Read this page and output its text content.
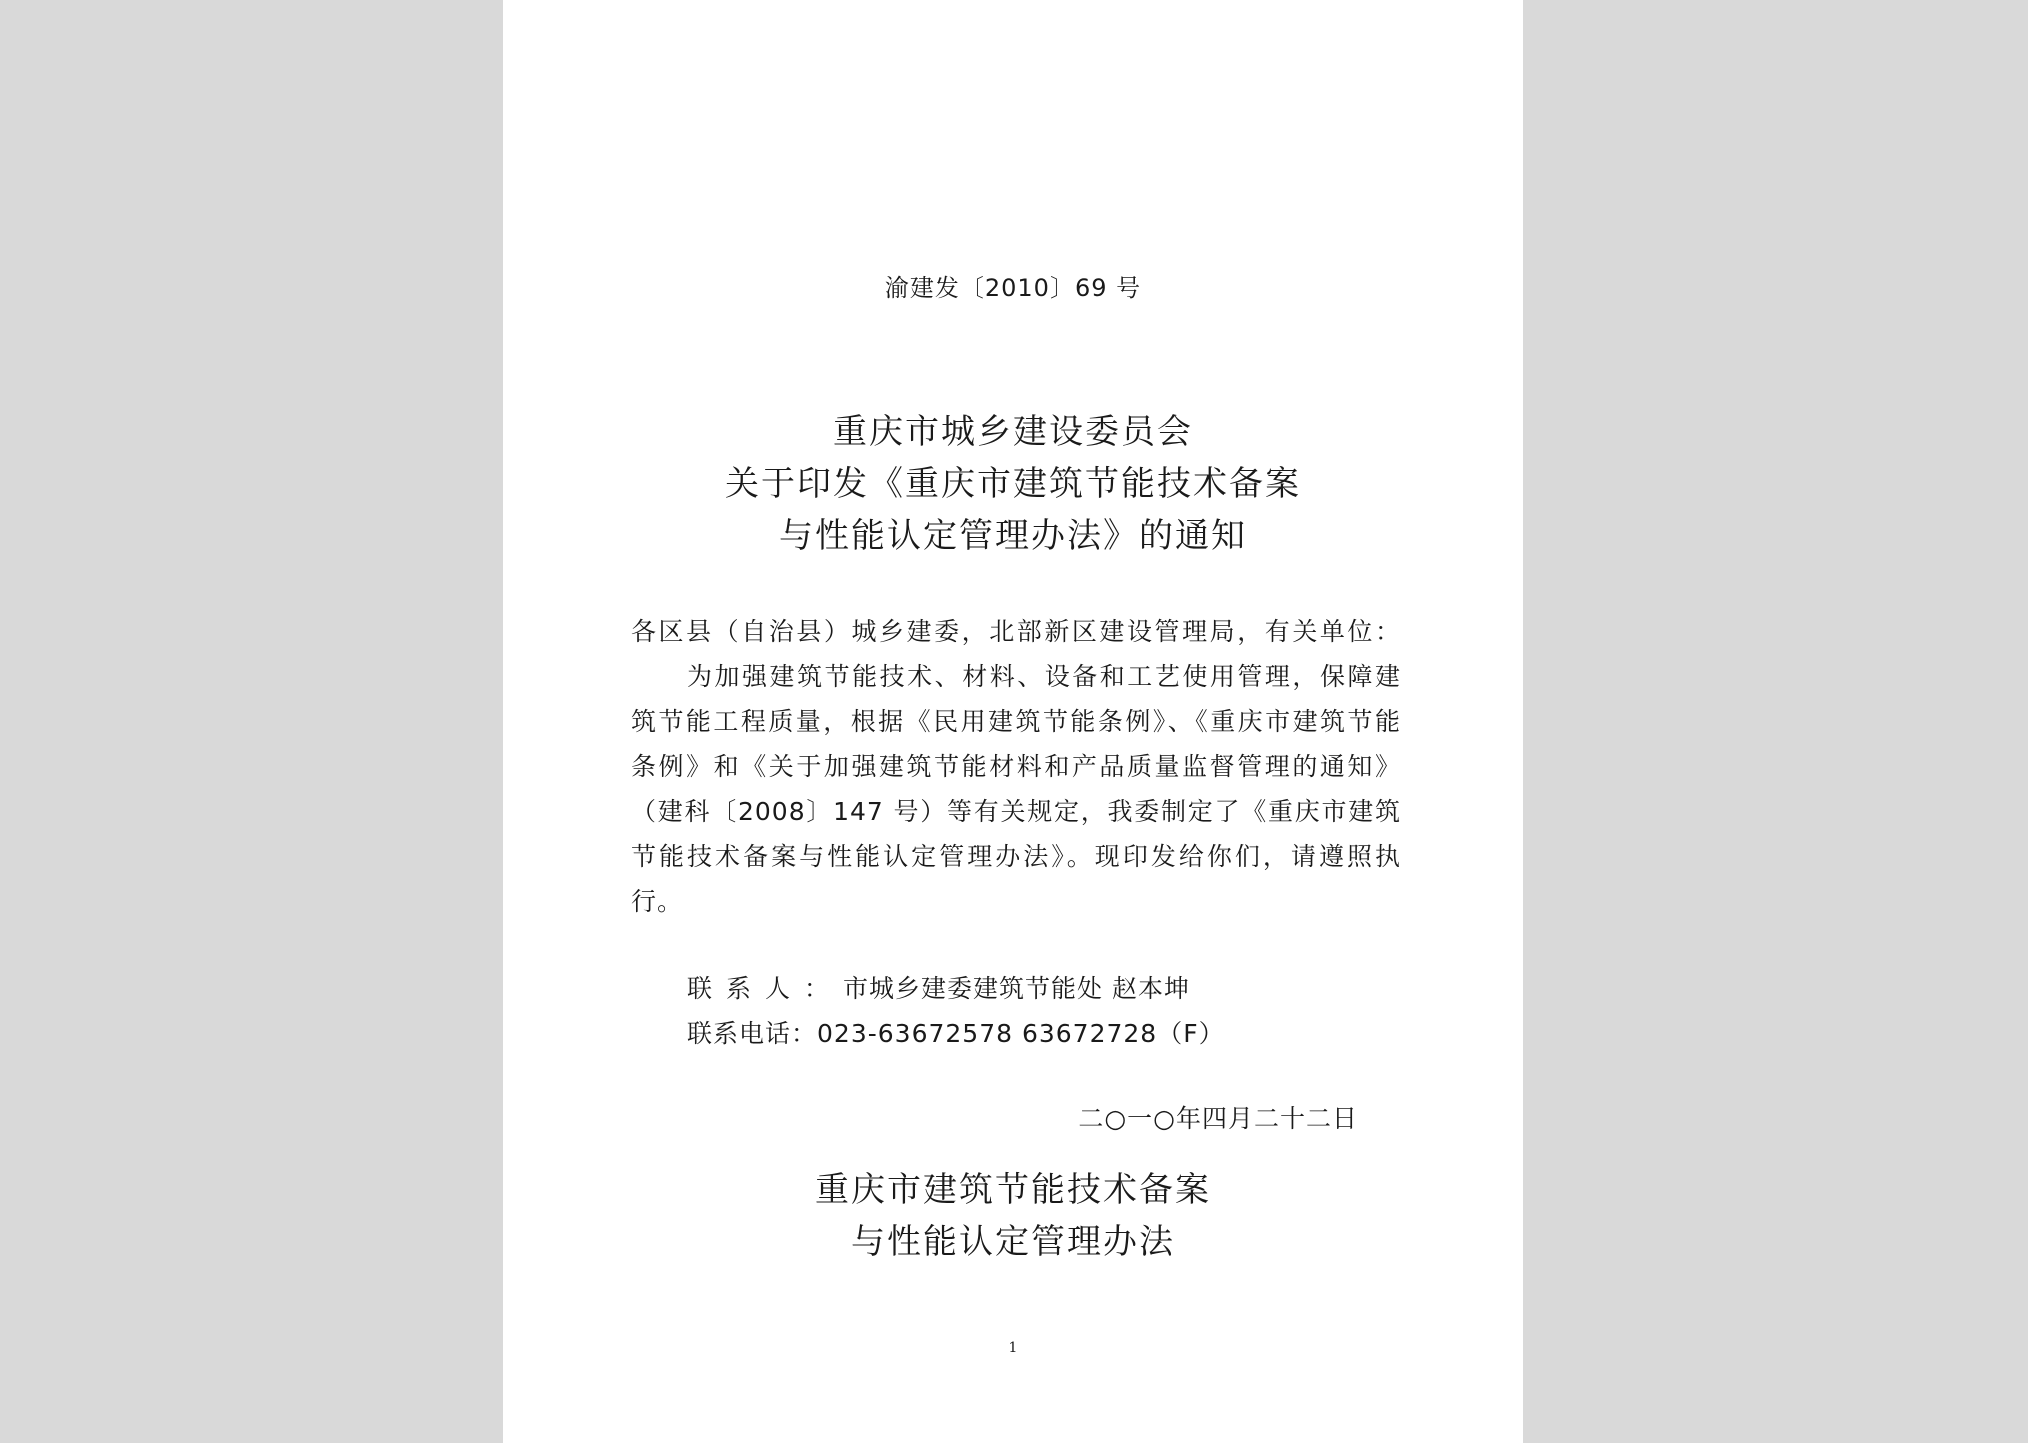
渝建发〔2010〕69 号
重庆市城乡建设委员会
关于印发《重庆市建筑节能技术备案
与性能认定管理办法》的通知
各区县（自治县）城乡建委，北部新区建设管理局，有关单位：
为加强建筑节能技术、材料、设备和工艺使用管理，保障建
筑节能工程质量，根据《民用建筑节能条例》、《重庆市建筑节能
条例》和《关于加强建筑节能材料和产品质量监督管理的通知》
（建科〔2008〕147 号）等有关规定，我委制定了《重庆市建筑
节能技术备案与性能认定管理办法》。现印发给你们，请遵照执
行。
联系人：市城乡建委建筑节能处 赵本坤
联系电话：023-63672578 63672728（F）
二○一○年四月二十二日
重庆市建筑节能技术备案
与性能认定管理办法
1
